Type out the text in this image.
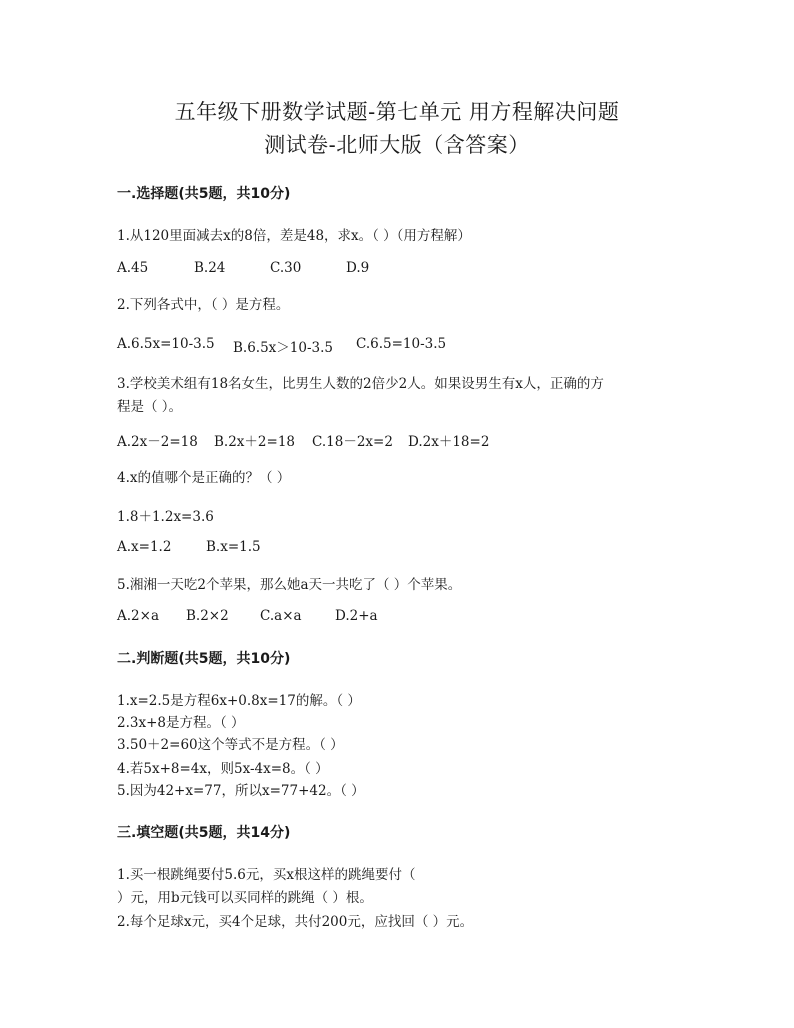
五年级下册数学试题-第七单元 用方程解决问题
测试卷-北师大版（含答案）
一.选择题(共5题，共10分)
1.从120里面减去x的8倍，差是48，求x。（ ）（用方程解）
A.45	B.24	C.30	D.9
2.下列各式中，（ ）是方程。
A.6.5x=10-3.5 B.6.5x＞10-3.5 C.6.5=10-3.5
3.学校美术组有18名女生，比男生人数的2倍少2人。如果设男生有x人，正确的方
程是（ ）。
A.2x－2=18 B.2x＋2=18 C.18－2x=2 D.2x＋18=2
4.x的值哪个是正确的？（ ）
1.8＋1.2x=3.6
A.x=1.2	B.x=1.5
5.湘湘一天吃2个苹果，那么她a天一共吃了（ ）个苹果。
A.2×a B.2×2 C.a×a D.2+a
二.判断题(共5题，共10分)
1.x=2.5是方程6x+0.8x=17的解。（ ）
2.3x+8是方程。（ ）
3.50＋2=60这个等式不是方程。（ ）
4.若5x+8=4x，则5x-4x=8。（ ）
5.因为42+x=77，所以x=77+42。（ ）
三.填空题(共5题，共14分)
1.买一根跳绳要付5.6元，买x根这样的跳绳要付（
）元，用b元钱可以买同样的跳绳（ ）根。
2.每个足球x元，买4个足球，共付200元，应找回（ ）元。
